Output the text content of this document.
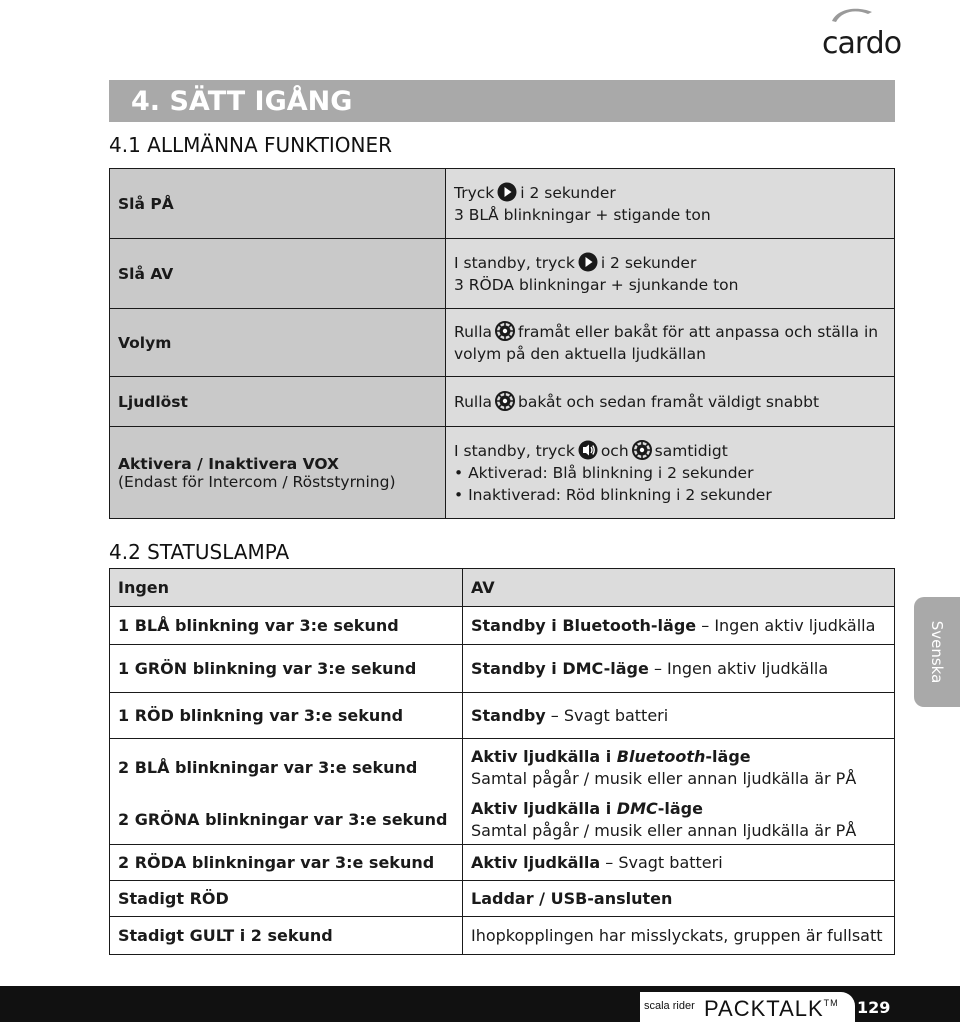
cardo
4. SÄTT IGÅNG
4.1 ALLMÄNNA FUNKTIONER
Slå PÅ	Tryck i 2 sekunder
3 BLÅ blinkningar + stigande ton
Slå AV	I standby, tryck i 2 sekunder
3 RÖDA blinkningar + sjunkande ton
Volym	Rulla framåt eller bakåt för att anpassa och ställa in
volym på den aktuella ljudkällan
Ljudlöst	Rulla bakåt och sedan framåt väldigt snabbt
Aktivera / Inaktivera VOX
(Endast för Intercom / Röststyrning)	I standby, tryck och samtidigt
• Aktiverad: Blå blinkning i 2 sekunder
• Inaktiverad: Röd blinkning i 2 sekunder
4.2 STATUSLAMPA
Ingen	AV
1 BLÅ blinkning var 3:e sekund	Standby i Bluetooth-läge – Ingen aktiv ljudkälla
1 GRÖN blinkning var 3:e sekund	Standby i DMC-läge – Ingen aktiv ljudkälla
1 RÖD blinkning var 3:e sekund	Standby – Svagt batteri
2 BLÅ blinkningar var 3:e sekund	Aktiv ljudkälla i Bluetooth-läge
Samtal pågår / musik eller annan ljudkälla är PÅ
2 GRÖNA blinkningar var 3:e sekund	Aktiv ljudkälla i DMC-läge
Samtal pågår / musik eller annan ljudkälla är PÅ
2 RÖDA blinkningar var 3:e sekund	Aktiv ljudkälla – Svagt batteri
Stadigt RÖD	Laddar / USB-ansluten
Stadigt GULT i 2 sekund	Ihopkopplingen har misslyckats, gruppen är fullsatt
Svenska
scala rider PACKTALK™ 129
